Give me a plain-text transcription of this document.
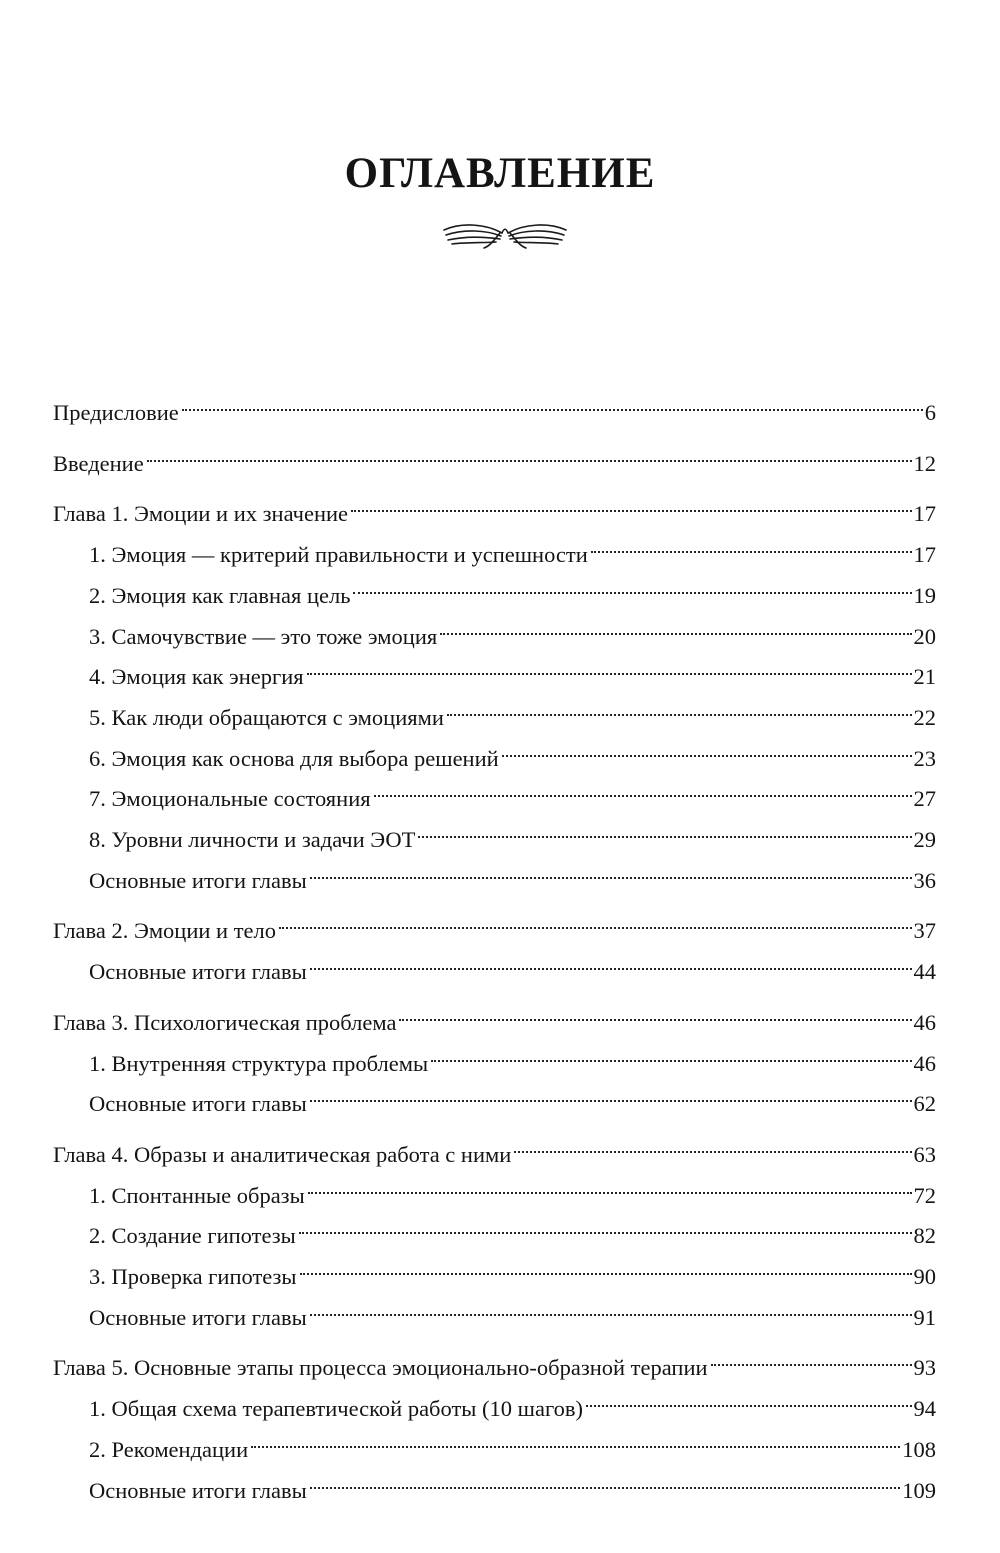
ОГЛАВЛЕНИЕ
Предисловие	6
Введение	12
Глава 1. Эмоции и их значение	17
1. Эмоция — критерий правильности и успешности	17
2. Эмоция как главная цель	19
3. Самочувствие — это тоже эмоция	20
4. Эмоция как энергия	21
5. Как люди обращаются с эмоциями	22
6. Эмоция как основа для выбора решений	23
7. Эмоциональные состояния	27
8. Уровни личности и задачи ЭОТ	29
Основные итоги главы	36
Глава 2. Эмоции и тело	37
Основные итоги главы	44
Глава 3. Психологическая проблема	46
1. Внутренняя структура проблемы	46
Основные итоги главы	62
Глава 4. Образы и аналитическая работа с ними	63
1. Спонтанные образы	72
2. Создание гипотезы	82
3. Проверка гипотезы	90
Основные итоги главы	91
Глава 5. Основные этапы процесса эмоционально-образной терапии	93
1. Общая схема терапевтической работы (10 шагов)	94
2. Рекомендации	108
Основные итоги главы	109
